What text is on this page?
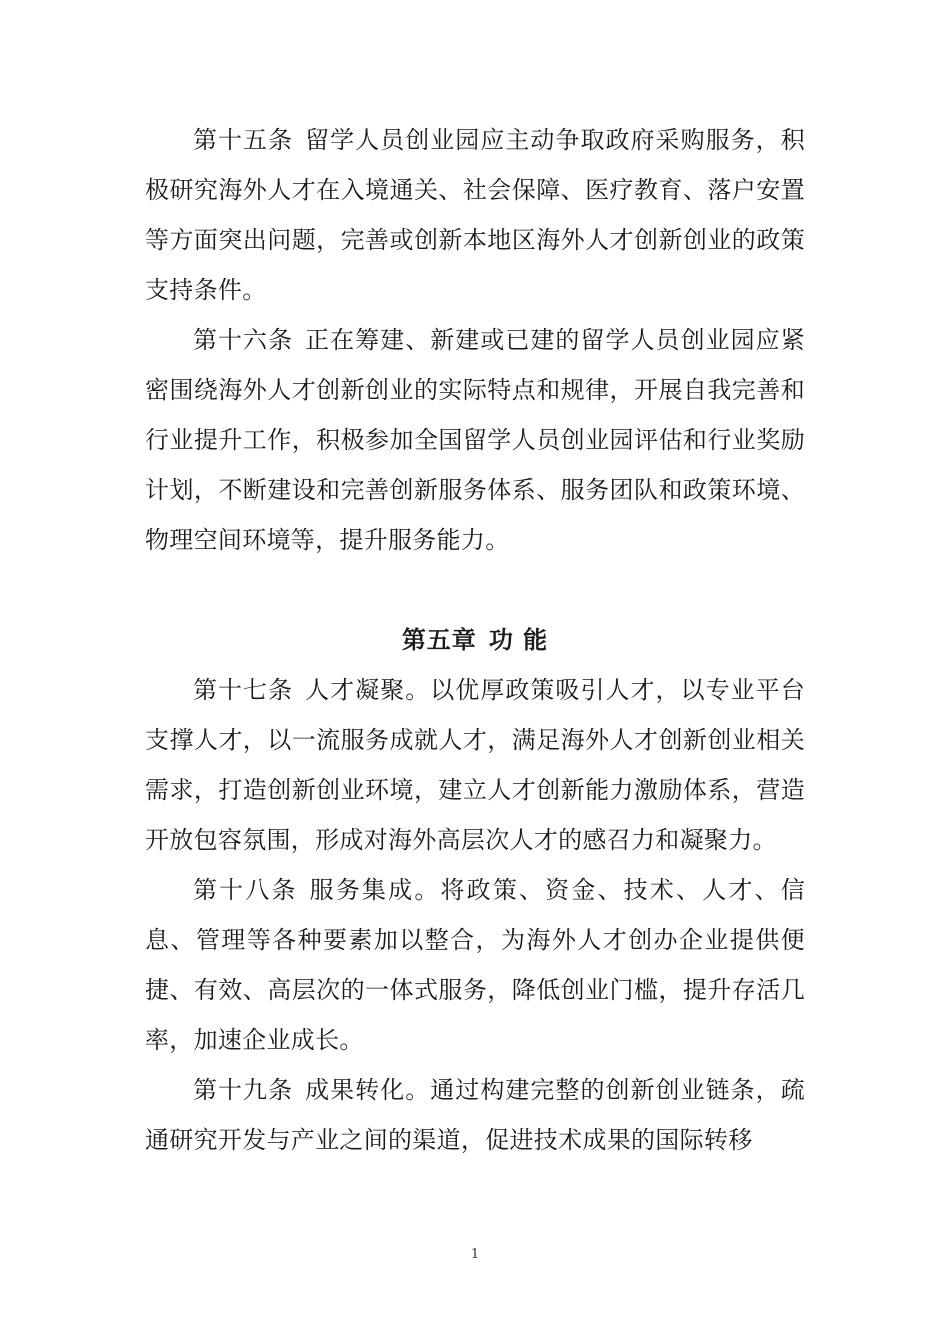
第十五条 留学人员创业园应主动争取政府采购服务，积极研究海外人才在入境通关、社会保障、医疗教育、落户安置等方面突出问题，完善或创新本地区海外人才创新创业的政策支持条件。

第十六条 正在筹建、新建或已建的留学人员创业园应紧密围绕海外人才创新创业的实际特点和规律，开展自我完善和行业提升工作，积极参加全国留学人员创业园评估和行业奖励计划，不断建设和完善创新服务体系、服务团队和政策环境、物理空间环境等，提升服务能力。

第五章 功 能

第十七条 人才凝聚。以优厚政策吸引人才，以专业平台支撑人才，以一流服务成就人才，满足海外人才创新创业相关需求，打造创新创业环境，建立人才创新能力激励体系，营造开放包容氛围，形成对海外高层次人才的感召力和凝聚力。

第十八条 服务集成。将政策、资金、技术、人才、信息、管理等各种要素加以整合，为海外人才创办企业提供便捷、有效、高层次的一体式服务，降低创业门槛，提升存活几率，加速企业成长。

第十九条 成果转化。通过构建完整的创新创业链条，疏通研究开发与产业之间的渠道，促进技术成果的国际转移

1
